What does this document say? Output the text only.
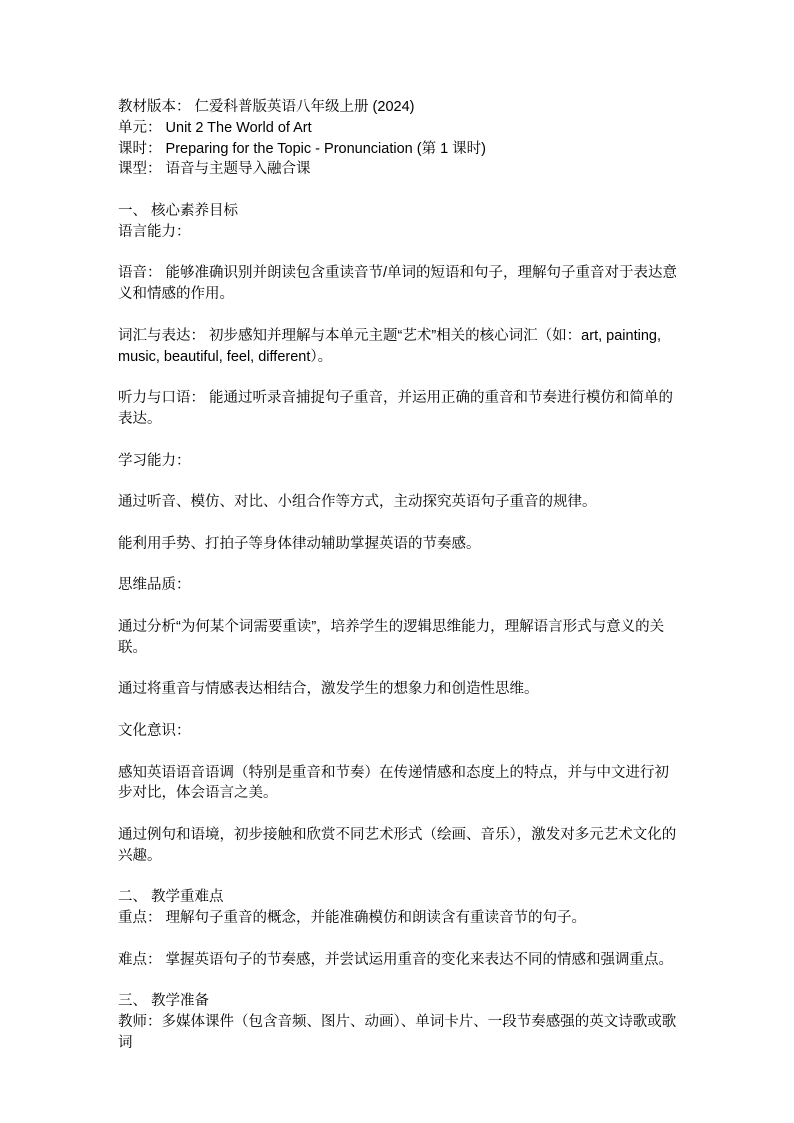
教材版本： 仁爱科普版英语八年级上册 (2024)

单元： Unit 2 The World of Art

课时： Preparing for the Topic - Pronunciation (第 1 课时)

课型： 语音与主题导入融合课

一、 核心素养目标

语言能力：

语音： 能够准确识别并朗读包含重读音节/单词的短语和句子，理解句子重音对于表达意义和情感的作用。

词汇与表达： 初步感知并理解与本单元主题“艺术”相关的核心词汇（如：art, painting, music, beautiful, feel, different）。

听力与口语： 能通过听录音捕捉句子重音，并运用正确的重音和节奏进行模仿和简单的表达。

学习能力：

通过听音、模仿、对比、小组合作等方式，主动探究英语句子重音的规律。

能利用手势、打拍子等身体律动辅助掌握英语的节奏感。

思维品质：

通过分析“为何某个词需要重读”，培养学生的逻辑思维能力，理解语言形式与意义的关联。

通过将重音与情感表达相结合，激发学生的想象力和创造性思维。

文化意识：

感知英语语音语调（特别是重音和节奏）在传递情感和态度上的特点，并与中文进行初步对比，体会语言之美。

通过例句和语境，初步接触和欣赏不同艺术形式（绘画、音乐），激发对多元艺术文化的兴趣。

二、 教学重难点

重点： 理解句子重音的概念，并能准确模仿和朗读含有重读音节的句子。

难点： 掌握英语句子的节奏感，并尝试运用重音的变化来表达不同的情感和强调重点。

三、 教学准备

教师：多媒体课件（包含音频、图片、动画）、单词卡片、一段节奏感强的英文诗歌或歌词
